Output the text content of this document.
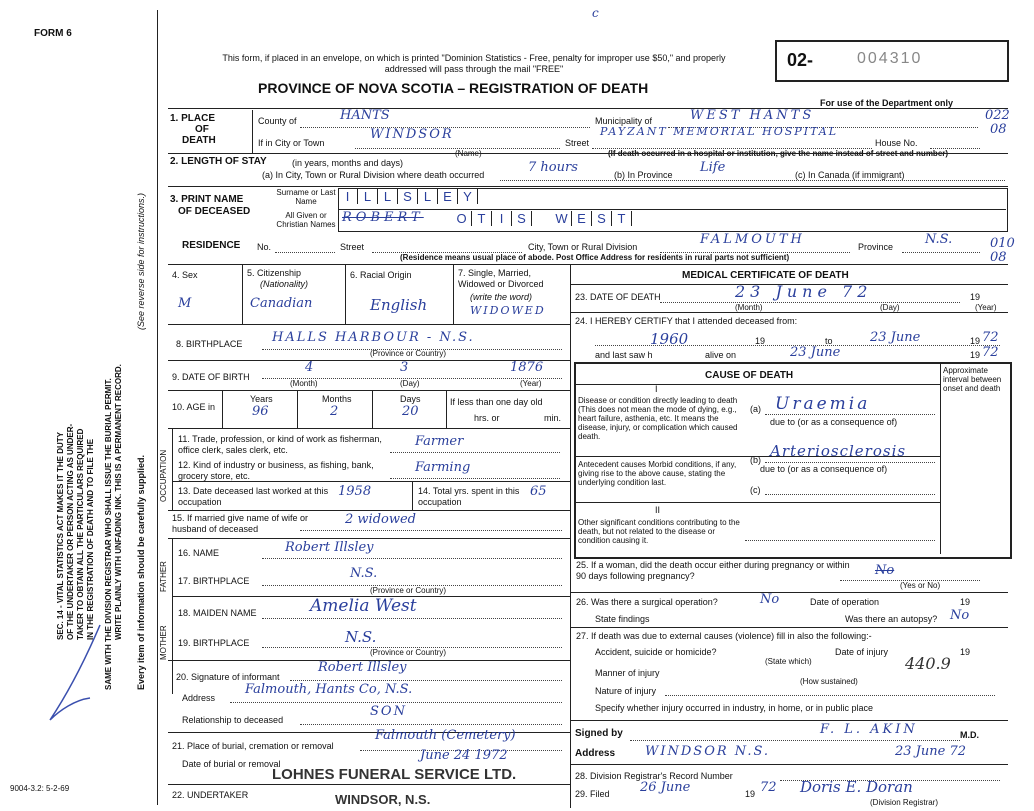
FORM 6
This form, if placed in an envelope, on which is printed "Dominion Statistics - Free, penalty for improper use $50," and properly addressed will pass through the mail "FREE"
PROVINCE OF NOVA SCOTIA – REGISTRATION OF DEATH
02-	004310
c
For use of the Department only
022
08
010
08
SEC. 14 - VITAL STATISTICS ACT MAKES IT THE DUTY OF THE UNDERTAKER OR PERSON ACTING AS UNDER- TAKER TO OBTAIN ALL THE PARTICULARS REQUIRED IN THE REGISTRATION OF DEATH AND TO FILE THE SAME WITH THE DIVISION REGISTRAR WHO SHALL ISSUE THE BURIAL PERMIT. WRITE PLAINLY WITH UNFADING INK. THIS IS A PERMANENT RECORD. Every item of information should be carefully supplied.
(See reverse side for instructions.)
1. PLACE
OF
DEATH
County of	HANTS	Municipality of	WEST HANTS
If in City or Town
WINDSOR
(Name)
Street
PAYZANT MEMORIAL HOSPITAL
House No.
(If death occurred in a hospital or institution, give the name instead of street and number)
2. LENGTH OF STAY	(in years, months and days)
(a) In City, Town or Rural Division where death occurred	7 hours	(b) In Province Life	(c) In Canada (if immigrant)
3. PRINT NAME
OF DECEASED
Surname or Last Name	I L L S L E Y
All Given or Christian Names ROBERT	O T I S W E S T
RESIDENCE No.	Street	City, Town or Rural Division	FALMOUTH	Province N.S.
(Residence means usual place of abode. Post Office Address for residents in rural parts not sufficient)
4. Sex
M
5. Citizenship
(Nationality)
Canadian
6. Racial Origin
English
7. Single, Married, Widowed or Divorced
(write the word)
WIDOWED
8. BIRTHPLACE HALLS HARBOUR - N.S.
(Province or Country)
9. DATE OF BIRTH
4	3	1876
(Month)	(Day)	(Year)
10. AGE in
Years	Months	Days
96	2	20
If less than one day old
hrs. or	min.
OCCUPATION
11. Trade, profession, or kind of work as fisherman, office clerk, sales clerk, etc.
Farmer
12. Kind of industry or business, as fishing, bank, grocery store, etc.
Farming
13. Date deceased last worked at this occupation
1958	14. Total yrs. spent in this occupation
65
15. If married give name of wife or husband of deceased
2 widowed
FATHER
16. NAME	Robert Illsley
17. BIRTHPLACE	N.S.
(Province or Country)
MOTHER
18. MAIDEN NAME	Amelia West
19. BIRTHPLACE	N.S.
(Province or Country)
20. Signature of informant
Robert Illsley
Address
Falmouth, Hants Co, N.S.
Relationship to deceased
SON
21. Place of burial, cremation or removal
Falmouth (Cemetery)
Date of burial or removal
June 24 1972
LOHNES FUNERAL SERVICE LTD.
22. UNDERTAKER	WINDSOR, N.S.
9004-3.2: 5-2-69
MEDICAL CERTIFICATE OF DEATH
23. DATE OF DEATH	23 June 72
(Month)	(Day)
19
(Year)
24. I HEREBY CERTIFY that I attended deceased from:
1960	19	to	23 June	19 72
and last saw h	alive on	23 June	19 72
CAUSE OF DEATH	Approximate interval between onset and death
I
Disease or condition directly leading to death (This does not mean the mode of dying, e.g., heart failure, asthenia, etc. It means the disease, injury, or complication which caused death.
(a) Uraemia
due to (or as a consequence of)
Antecedent causes Morbid conditions, if any, giving rise to the above cause, stating the underlying condition last.
(b) Arteriosclerosis
due to (or as a consequence of)
(c)
II
Other significant conditions contributing to the death, but not related to the disease or condition causing it.
25. If a woman, did the death occur either during pregnancy or within 90 days following pregnancy?	No
(Yes or No)
26. Was there a surgical operation?	No	Date of operation	19
State findings	Was there an autopsy? No
27. If death was due to external causes (violence) fill in also the following:-
Accident, suicide or homicide?
(State which)
Date of injury	19
440.9
Manner of injury
(How sustained)
Nature of injury
Specify whether injury occurred in industry, in home, or in public place
Signed by	F. L. AKIN	M.D.
Address WINDSOR N.S.	23 June 72
28. Division Registrar's Record Number
29. Filed 26 June	19 72 Doris E. Doran
(Division Registrar)
